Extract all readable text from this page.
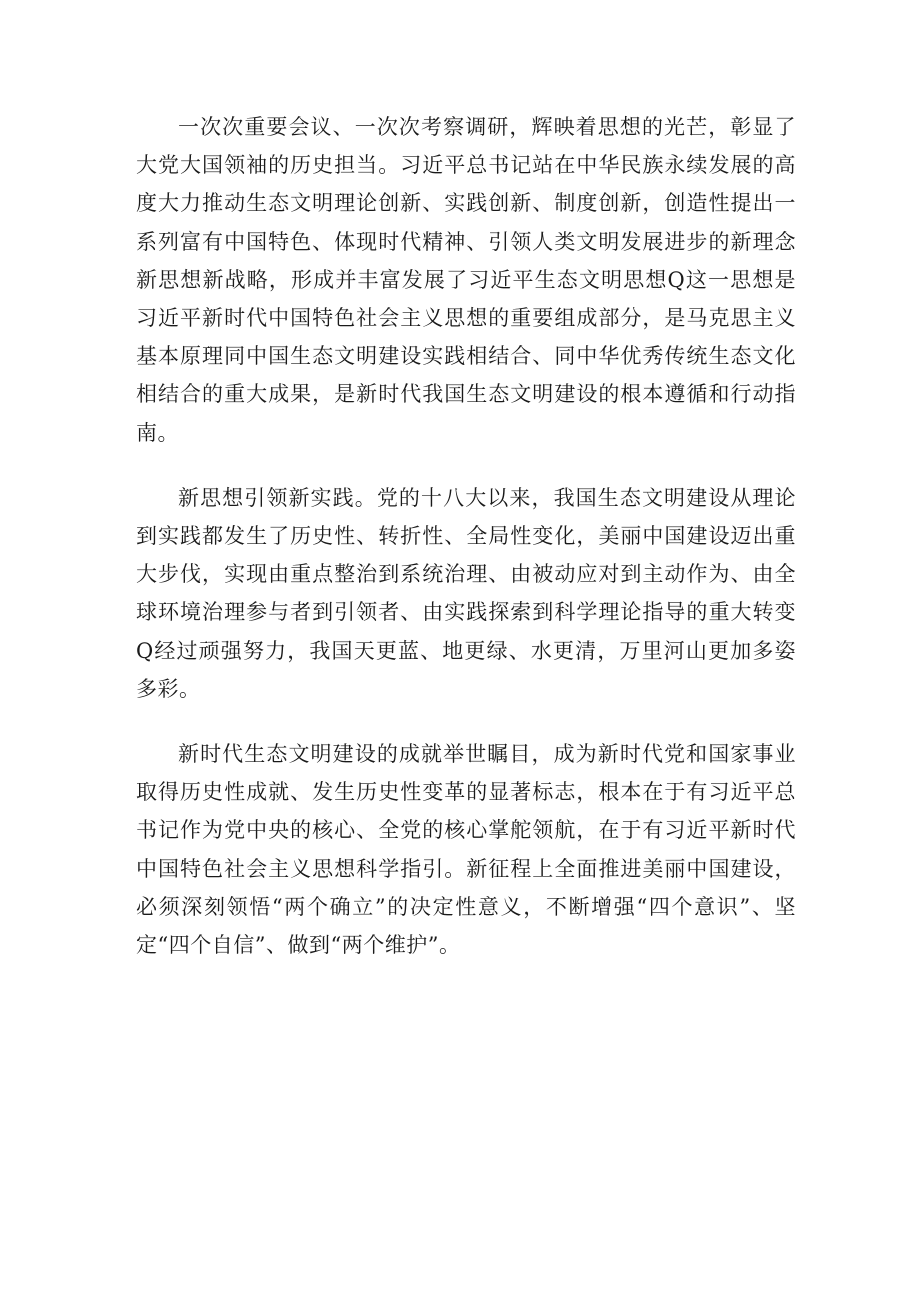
一次次重要会议、一次次考察调研，辉映着思想的光芒，彰显了大党大国领袖的历史担当。习近平总书记站在中华民族永续发展的高度大力推动生态文明理论创新、实践创新、制度创新，创造性提出一系列富有中国特色、体现时代精神、引领人类文明发展进步的新理念新思想新战略，形成并丰富发展了习近平生态文明思想Q这一思想是习近平新时代中国特色社会主义思想的重要组成部分，是马克思主义基本原理同中国生态文明建设实践相结合、同中华优秀传统生态文化相结合的重大成果，是新时代我国生态文明建设的根本遵循和行动指南。

新思想引领新实践。党的十八大以来，我国生态文明建设从理论到实践都发生了历史性、转折性、全局性变化，美丽中国建设迈出重大步伐，实现由重点整治到系统治理、由被动应对到主动作为、由全球环境治理参与者到引领者、由实践探索到科学理论指导的重大转变Q经过顽强努力，我国天更蓝、地更绿、水更清，万里河山更加多姿多彩。

新时代生态文明建设的成就举世瞩目，成为新时代党和国家事业取得历史性成就、发生历史性变革的显著标志，根本在于有习近平总书记作为党中央的核心、全党的核心掌舵领航，在于有习近平新时代中国特色社会主义思想科学指引。新征程上全面推进美丽中国建设，必须深刻领悟“两个确立”的决定性意义，不断增强“四个意识”、坚定“四个自信”、做到“两个维护”。
